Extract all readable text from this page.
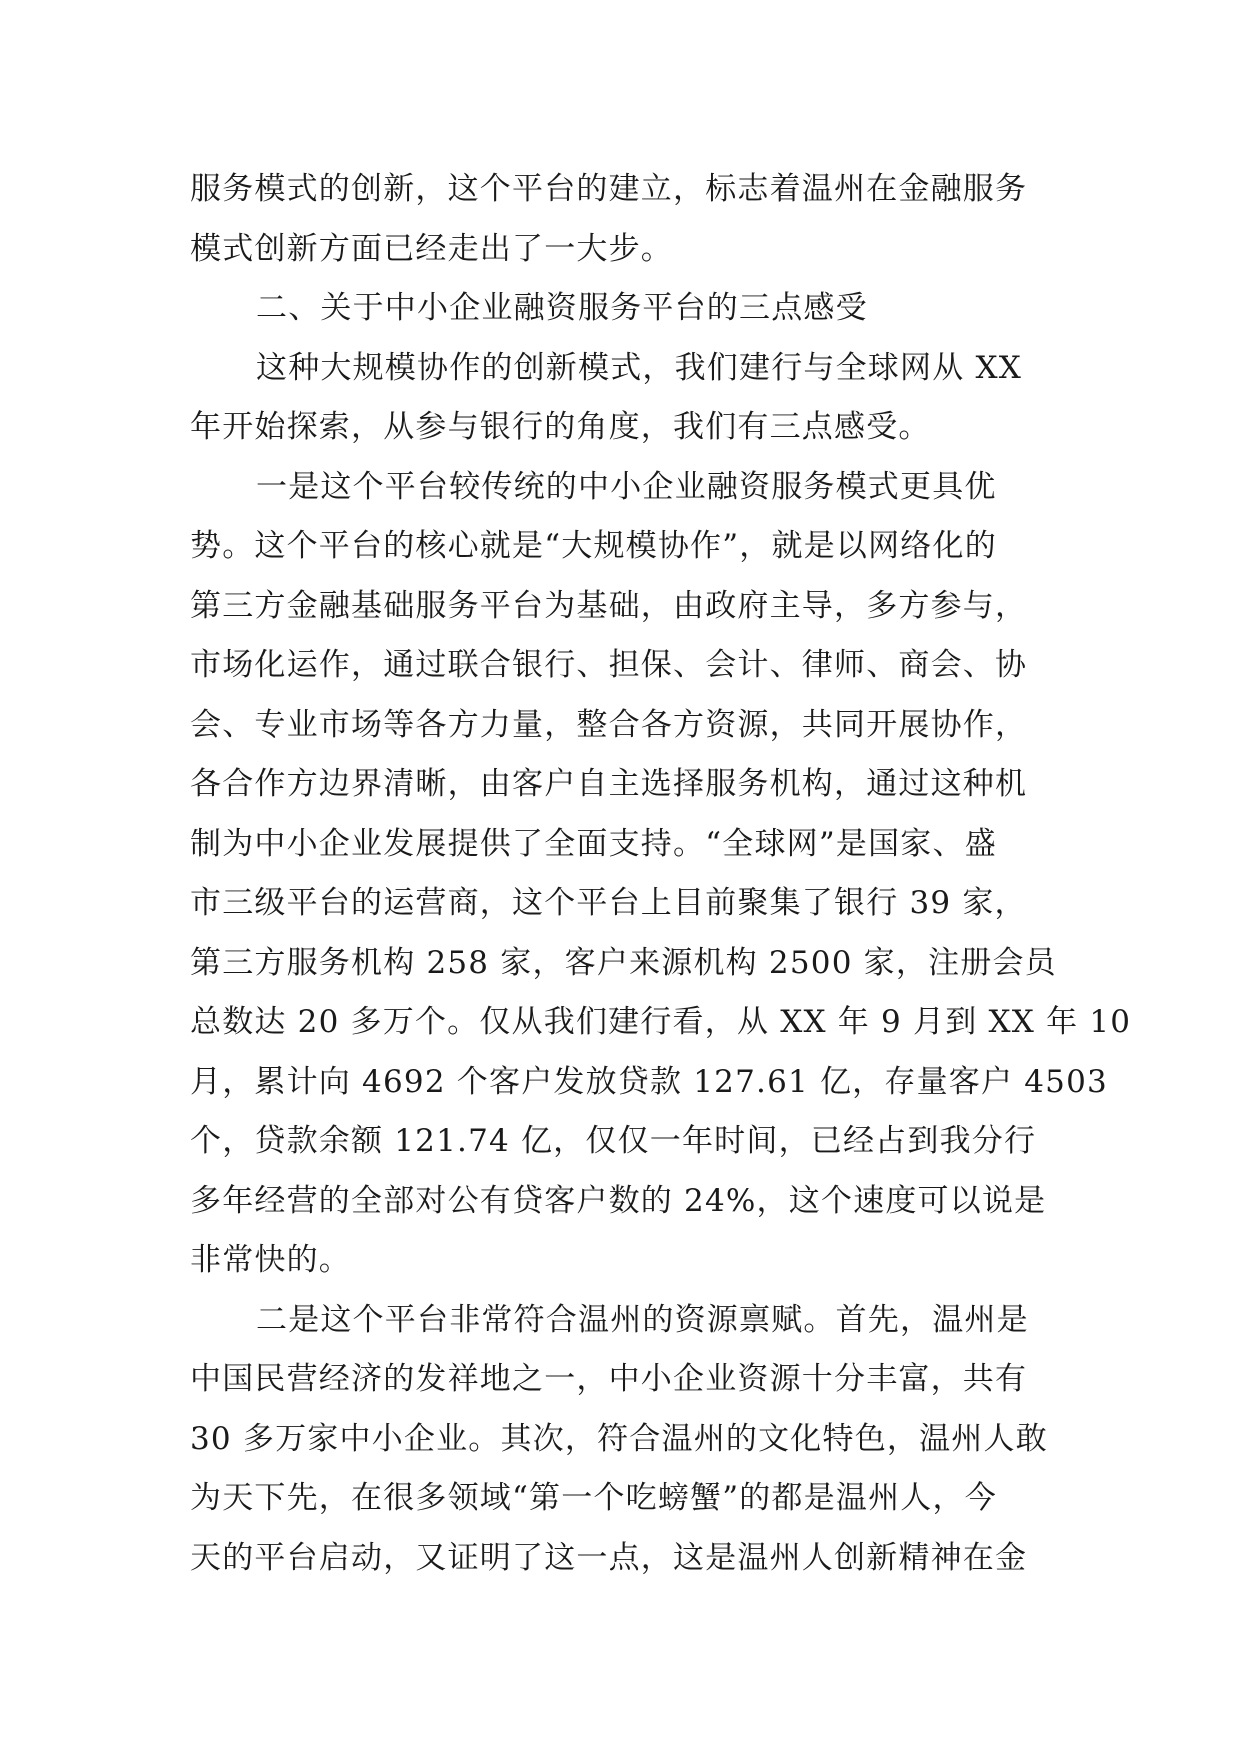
服务模式的创新，这个平台的建立，标志着温州在金融服务
模式创新方面已经走出了一大步。
二、关于中小企业融资服务平台的三点感受
这种大规模协作的创新模式，我们建行与全球网从 XX
年开始探索，从参与银行的角度，我们有三点感受。
一是这个平台较传统的中小企业融资服务模式更具优
势。这个平台的核心就是“大规模协作”，就是以网络化的
第三方金融基础服务平台为基础，由政府主导，多方参与，
市场化运作，通过联合银行、担保、会计、律师、商会、协
会、专业市场等各方力量，整合各方资源，共同开展协作，
各合作方边界清晰，由客户自主选择服务机构，通过这种机
制为中小企业发展提供了全面支持。“全球网”是国家、盛
市三级平台的运营商，这个平台上目前聚集了银行 39 家，
第三方服务机构 258 家，客户来源机构 2500 家，注册会员
总数达 20 多万个。仅从我们建行看，从 XX 年 9 月到 XX 年 10
月，累计向 4692 个客户发放贷款 127.61 亿，存量客户 4503
个，贷款余额 121.74 亿，仅仅一年时间，已经占到我分行
多年经营的全部对公有贷客户数的 24%，这个速度可以说是
非常快的。
二是这个平台非常符合温州的资源禀赋。首先，温州是
中国民营经济的发祥地之一，中小企业资源十分丰富，共有
30 多万家中小企业。其次，符合温州的文化特色，温州人敢
为天下先，在很多领域“第一个吃螃蟹”的都是温州人，今
天的平台启动，又证明了这一点，这是温州人创新精神在金
